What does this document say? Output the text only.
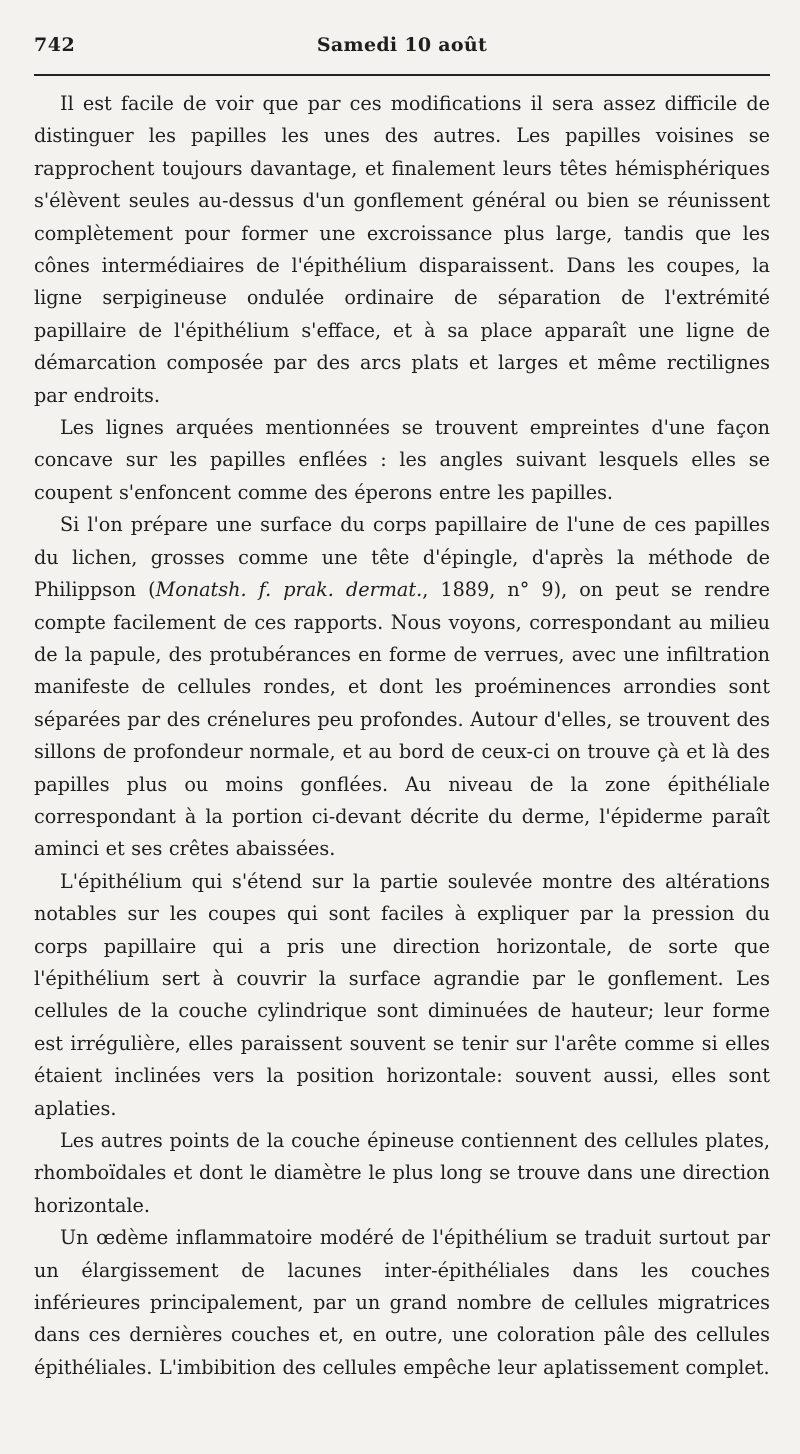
742	Samedi 10 août

Il est facile de voir que par ces modifications il sera assez difficile de distinguer les papilles les unes des autres. Les papilles voisines se rapprochent toujours davantage, et finalement leurs têtes hémisphériques s'élèvent seules au-dessus d'un gonflement général ou bien se réunissent complètement pour former une excroissance plus large, tandis que les cônes intermédiaires de l'épithélium disparaissent. Dans les coupes, la ligne serpigineuse ondulée ordinaire de séparation de l'extrémité papillaire de l'épithélium s'efface, et à sa place apparaît une ligne de démarcation composée par des arcs plats et larges et même rectilignes par endroits.

Les lignes arquées mentionnées se trouvent empreintes d'une façon concave sur les papilles enflées : les angles suivant lesquels elles se coupent s'enfoncent comme des éperons entre les papilles.

Si l'on prépare une surface du corps papillaire de l'une de ces papilles du lichen, grosses comme une tête d'épingle, d'après la méthode de Philippson (Monatsh. f. prak. dermat., 1889, n° 9), on peut se rendre compte facilement de ces rapports. Nous voyons, correspondant au milieu de la papule, des protubérances en forme de verrues, avec une infiltration manifeste de cellules rondes, et dont les proéminences arrondies sont séparées par des crénelures peu profondes. Autour d'elles, se trouvent des sillons de profondeur normale, et au bord de ceux-ci on trouve çà et là des papilles plus ou moins gonflées. Au niveau de la zone épithéliale correspondant à la portion ci-devant décrite du derme, l'épiderme paraît aminci et ses crêtes abaissées.

L'épithélium qui s'étend sur la partie soulevée montre des altérations notables sur les coupes qui sont faciles à expliquer par la pression du corps papillaire qui a pris une direction horizontale, de sorte que l'épithélium sert à couvrir la surface agrandie par le gonflement. Les cellules de la couche cylindrique sont diminuées de hauteur; leur forme est irrégulière, elles paraissent souvent se tenir sur l'arête comme si elles étaient inclinées vers la position horizontale: souvent aussi, elles sont aplaties.

Les autres points de la couche épineuse contiennent des cellules plates, rhomboïdales et dont le diamètre le plus long se trouve dans une direction horizontale.

Un œdème inflammatoire modéré de l'épithélium se traduit surtout par un élargissement de lacunes inter-épithéliales dans les couches inférieures principalement, par un grand nombre de cellules migratrices dans ces dernières couches et, en outre, une coloration pâle des cellules épithéliales. L'imbibition des cellules empêche leur aplatissement complet.
